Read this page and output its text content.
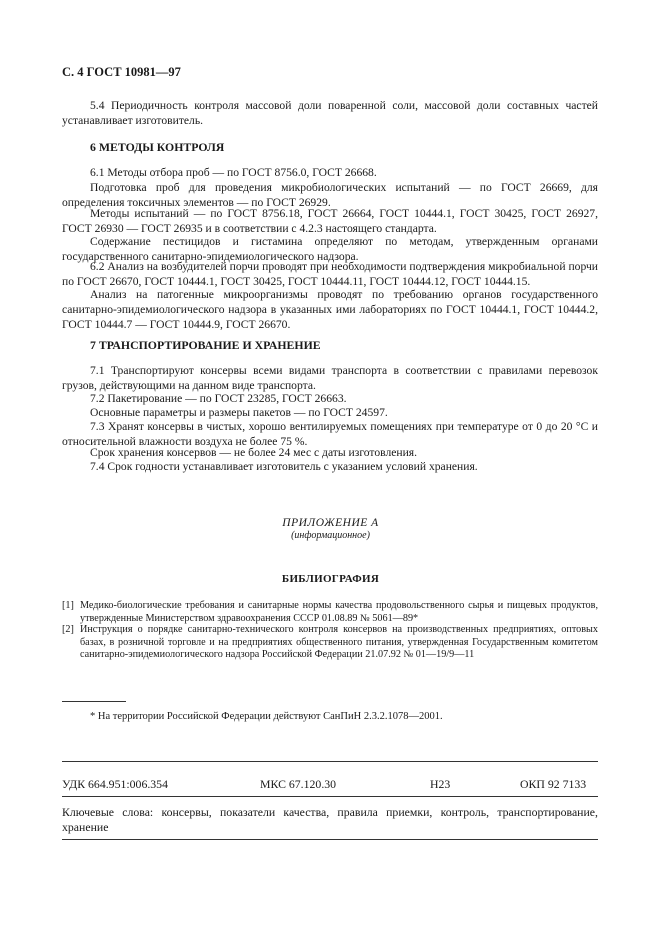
С. 4 ГОСТ 10981—97
5.4 Периодичность контроля массовой доли поваренной соли, массовой доли составных частей устанавливает изготовитель.
6 МЕТОДЫ КОНТРОЛЯ
6.1 Методы отбора проб — по ГОСТ 8756.0, ГОСТ 26668.
Подготовка проб для проведения микробиологических испытаний — по ГОСТ 26669, для определения токсичных элементов — по ГОСТ 26929.
Методы испытаний — по ГОСТ 8756.18, ГОСТ 26664, ГОСТ 10444.1, ГОСТ 30425, ГОСТ 26927, ГОСТ 26930 — ГОСТ 26935 и в соответствии с 4.2.3 настоящего стандарта.
Содержание пестицидов и гистамина определяют по методам, утвержденным органами государственного санитарно-эпидемиологического надзора.
6.2 Анализ на возбудителей порчи проводят при необходимости подтверждения микробиальной порчи по ГОСТ 26670, ГОСТ 10444.1, ГОСТ 30425, ГОСТ 10444.11, ГОСТ 10444.12, ГОСТ 10444.15.
Анализ на патогенные микроорганизмы проводят по требованию органов государственного санитарно-эпидемиологического надзора в указанных ими лабораториях по ГОСТ 10444.1, ГОСТ 10444.2, ГОСТ 10444.7 — ГОСТ 10444.9, ГОСТ 26670.
7 ТРАНСПОРТИРОВАНИЕ И ХРАНЕНИЕ
7.1 Транспортируют консервы всеми видами транспорта в соответствии с правилами перевозок грузов, действующими на данном виде транспорта.
7.2 Пакетирование — по ГОСТ 23285, ГОСТ 26663.
Основные параметры и размеры пакетов — по ГОСТ 24597.
7.3 Хранят консервы в чистых, хорошо вентилируемых помещениях при температуре от 0 до 20 °С и относительной влажности воздуха не более 75 %.
Срок хранения консервов — не более 24 мес с даты изготовления.
7.4 Срок годности устанавливает изготовитель с указанием условий хранения.
ПРИЛОЖЕНИЕ А
(информационное)
БИБЛИОГРАФИЯ
[1] Медико-биологические требования и санитарные нормы качества продовольственного сырья и пищевых продуктов, утвержденные Министерством здравоохранения СССР 01.08.89 № 5061—89*
[2] Инструкция о порядке санитарно-технического контроля консервов на производственных предприятиях, оптовых базах, в розничной торговле и на предприятиях общественного питания, утвержденная Государственным комитетом санитарно-эпидемиологического надзора Российской Федерации 21.07.92 № 01—19/9—11
* На территории Российской Федерации действуют СанПиН 2.3.2.1078—2001.
УДК 664.951:006.354	МКС 67.120.30	Н23	ОКП 92 7133
Ключевые слова: консервы, показатели качества, правила приемки, контроль, транспортирование, хранение
